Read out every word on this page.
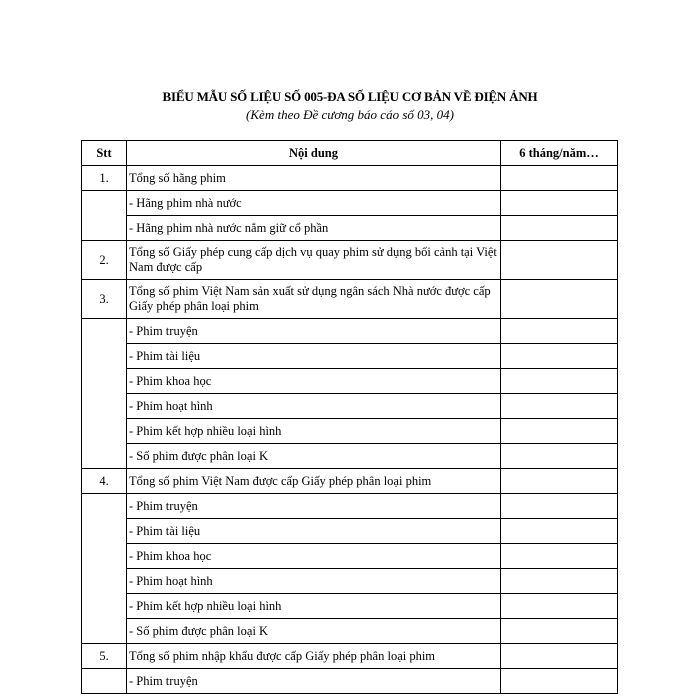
BIỂU MẪU SỐ LIỆU SỐ 005-ĐA SỐ LIỆU CƠ BẢN VỀ ĐIỆN ẢNH
(Kèm theo Đề cương báo cáo số 03, 04)
Stt	Nội dung	6 tháng/năm…
1.	Tổng số hãng phim	
	- Hãng phim nhà nước	
	- Hãng phim nhà nước nắm giữ cổ phần	
2.	Tổng số Giấy phép cung cấp dịch vụ quay phim sử dụng bối cảnh tại Việt Nam được cấp	
3.	Tổng số phim Việt Nam sản xuất sử dụng ngân sách Nhà nước được cấp Giấy phép phân loại phim	
	- Phim truyện	
	- Phim tài liệu	
	- Phim khoa học	
	- Phim hoạt hình	
	- Phim kết hợp nhiều loại hình	
	- Số phim được phân loại K	
4.	Tổng số phim Việt Nam được cấp Giấy phép phân loại phim	
	- Phim truyện	
	- Phim tài liệu	
	- Phim khoa học	
	- Phim hoạt hình	
	- Phim kết hợp nhiều loại hình	
	- Số phim được phân loại K	
5.	Tổng số phim nhập khẩu được cấp Giấy phép phân loại phim	
	- Phim truyện	
